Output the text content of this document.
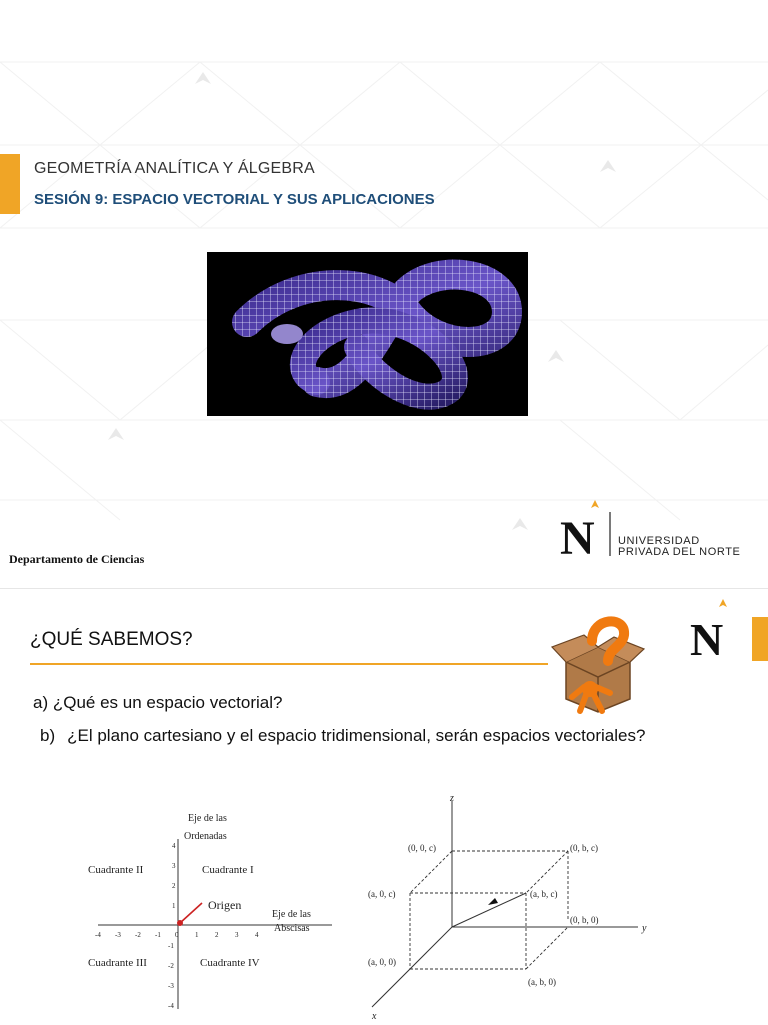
GEOMETRÍA ANALÍTICA Y ÁLGEBRA
SESIÓN 9: ESPACIO VECTORIAL Y SUS APLICACIONES
Departamento de Ciencias	N UNIVERSIDAD
PRIVADA DEL NORTE
¿QUÉ SABEMOS?	N
a) ¿Qué es un espacio vectorial?
b) ¿El plano cartesiano y el espacio tridimensional, serán espacios vectoriales?
Eje de las
Ordenadas
Eje de las
Abscisas
Cuadrante II	Cuadrante I
Cuadrante III	Cuadrante IV
Origen
-4 -3 -2 -1 0 1 2 3 4
4
3
2
1
-1
-2
-3
-4
z
y
x
(0, 0, c)	(0, b, c)
(a, 0, c)	(a, b, c)
(0, b, 0)
(a, 0, 0)
(a, b, 0)
